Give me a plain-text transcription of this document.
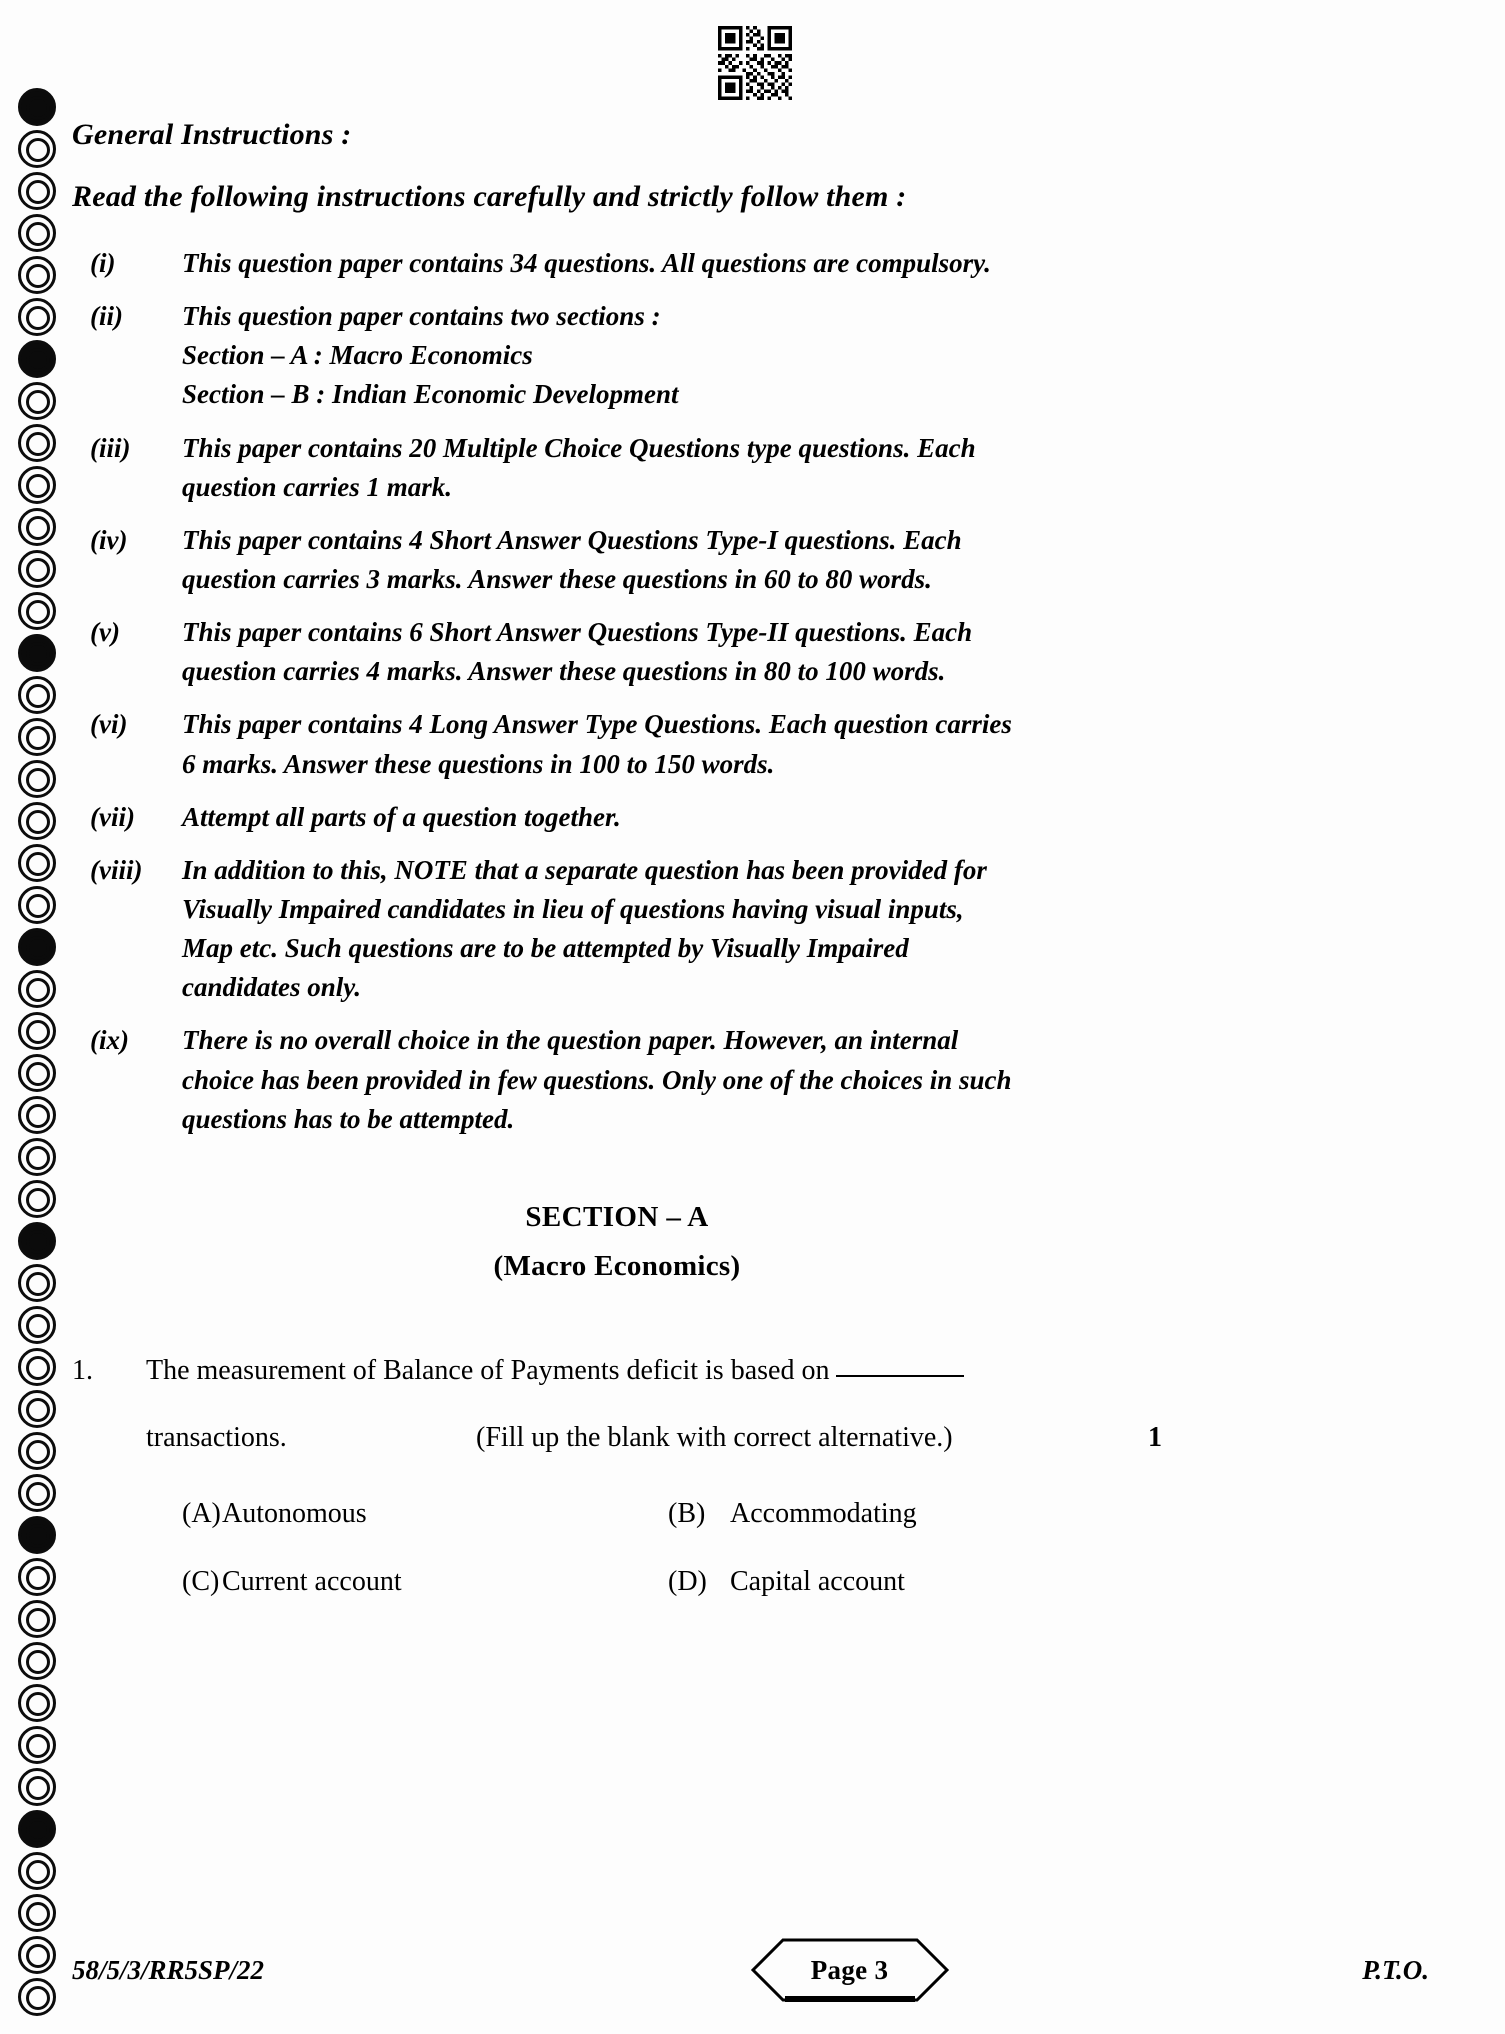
General Instructions :
Read the following instructions carefully and strictly follow them :
(i)	This question paper contains 34 questions. All questions are compulsory.

(ii)	This question paper contains two sections :

Section – A : Macro Economics

Section – B : Indian Economic Development

(iii)	This paper contains 20 Multiple Choice Questions type questions. Each

question carries 1 mark.

(iv)	This paper contains 4 Short Answer Questions Type-I questions. Each

question carries 3 marks. Answer these questions in 60 to 80 words.

(v)	This paper contains 6 Short Answer Questions Type-II questions. Each

question carries 4 marks. Answer these questions in 80 to 100 words.

(vi)	This paper contains 4 Long Answer Type Questions. Each question carries

6 marks. Answer these questions in 100 to 150 words.

(vii)	Attempt all parts of a question together.

(viii)	In addition to this, NOTE that a separate question has been provided for

Visually Impaired candidates in lieu of questions having visual inputs,

Map etc. Such questions are to be attempted by Visually Impaired

candidates only.

(ix)	There is no overall choice in the question paper. However, an internal

choice has been provided in few questions. Only one of the choices in such

questions has to be attempted.

SECTION – A
(Macro Economics)
1.	The measurement of Balance of Payments deficit is based on
transactions.	(Fill up the blank with correct alternative.)	1
(A) Autonomous	(B) Accommodating
(C) Current account	(D) Capital account
58/5/3/RR5SP/22	Page 3	P.T.O.
